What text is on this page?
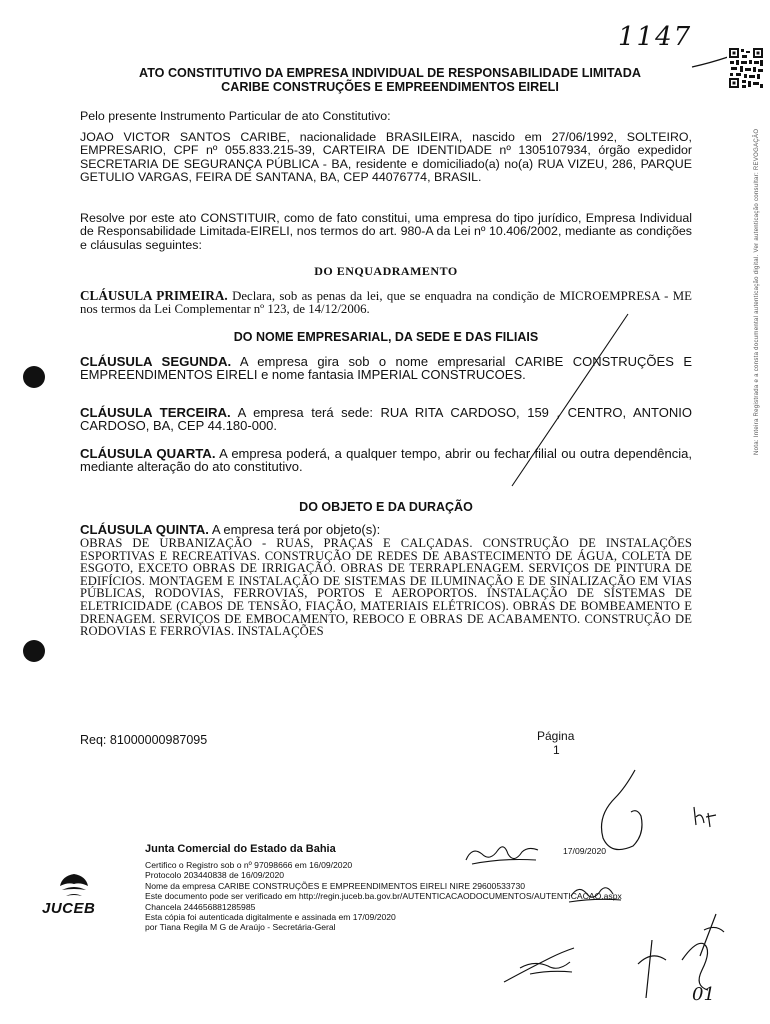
1147
Nota: Inteira Registrada e a consta documental autenticação digital. Ver autenticação consultar: REVOGAÇÃO
ATO CONSTITUTIVO DA EMPRESA INDIVIDUAL DE RESPONSABILIDADE LIMITADA
CARIBE CONSTRUÇÕES E EMPREENDIMENTOS EIRELI
Pelo presente Instrumento Particular de ato Constitutivo:
JOAO VICTOR SANTOS CARIBE, nacionalidade BRASILEIRA, nascido em 27/06/1992, SOLTEIRO, EMPRESARIO, CPF nº 055.833.215-39, CARTEIRA DE IDENTIDADE nº 1305107934, órgão expedidor SECRETARIA DE SEGURANÇA PÚBLICA - BA, residente e domiciliado(a) no(a) RUA VIZEU, 286, PARQUE GETULIO VARGAS, FEIRA DE SANTANA, BA, CEP 44076774, BRASIL.
Resolve por este ato CONSTITUIR, como de fato constitui, uma empresa do tipo jurídico, Empresa Individual de Responsabilidade Limitada-EIRELI, nos termos do art. 980-A da Lei nº 10.406/2002, mediante as condições e cláusulas seguintes:
DO ENQUADRAMENTO
CLÁUSULA PRIMEIRA. Declara, sob as penas da lei, que se enquadra na condição de MICROEMPRESA - ME nos termos da Lei Complementar nº 123, de 14/12/2006.
DO NOME EMPRESARIAL, DA SEDE E DAS FILIAIS
CLÁUSULA SEGUNDA. A empresa gira sob o nome empresarial CARIBE CONSTRUÇÕES E EMPREENDIMENTOS EIRELI e nome fantasia IMPERIAL CONSTRUCOES.
CLÁUSULA TERCEIRA. A empresa terá sede: RUA RITA CARDOSO, 159 , CENTRO, ANTONIO CARDOSO, BA, CEP 44.180-000.
CLÁUSULA QUARTA. A empresa poderá, a qualquer tempo, abrir ou fechar filial ou outra dependência, mediante alteração do ato constitutivo.
DO OBJETO E DA DURAÇÃO
CLÁUSULA QUINTA. A empresa terá por objeto(s):
OBRAS DE URBANIZAÇÃO - RUAS, PRAÇAS E CALÇADAS. CONSTRUÇÃO DE INSTALAÇÕES ESPORTIVAS E RECREATIVAS. CONSTRUÇÃO DE REDES DE ABASTECIMENTO DE ÁGUA, COLETA DE ESGOTO, EXCETO OBRAS DE IRRIGAÇÃO. OBRAS DE TERRAPLENAGEM. SERVIÇOS DE PINTURA DE EDIFÍCIOS. MONTAGEM E INSTALAÇÃO DE SISTEMAS DE ILUMINAÇÃO E DE SINALIZAÇÃO EM VIAS PÚBLICAS, RODOVIAS, FERROVIAS, PORTOS E AEROPORTOS. INSTALAÇÃO DE SISTEMAS DE ELETRICIDADE (CABOS DE TENSÃO, FIAÇÃO, MATERIAIS ELÉTRICOS). OBRAS DE BOMBEAMENTO E DRENAGEM. SERVIÇOS DE EMBOCAMENTO, REBOCO E OBRAS DE ACABAMENTO. CONSTRUÇÃO DE RODOVIAS E FERROVIAS. INSTALAÇÕES
Req: 81000000987095	Página
1
JUCEB
Junta Comercial do Estado da Bahia
Certifico o Registro sob o nº 97098666 em 16/09/2020
Protocolo 203440838 de 16/09/2020
Nome da empresa CARIBE CONSTRUÇÕES E EMPREENDIMENTOS EIRELI NIRE 29600533730
Este documento pode ser verificado em http://regin.juceb.ba.gov.br/AUTENTICACAODOCUMENTOS/AUTENTICACAO.aspx
Chancela 244656881285985
Esta cópia foi autenticada digitalmente e assinada em 17/09/2020
por Tiana Regila M G de Araújo - Secretária-Geral
17/09/2020
01
